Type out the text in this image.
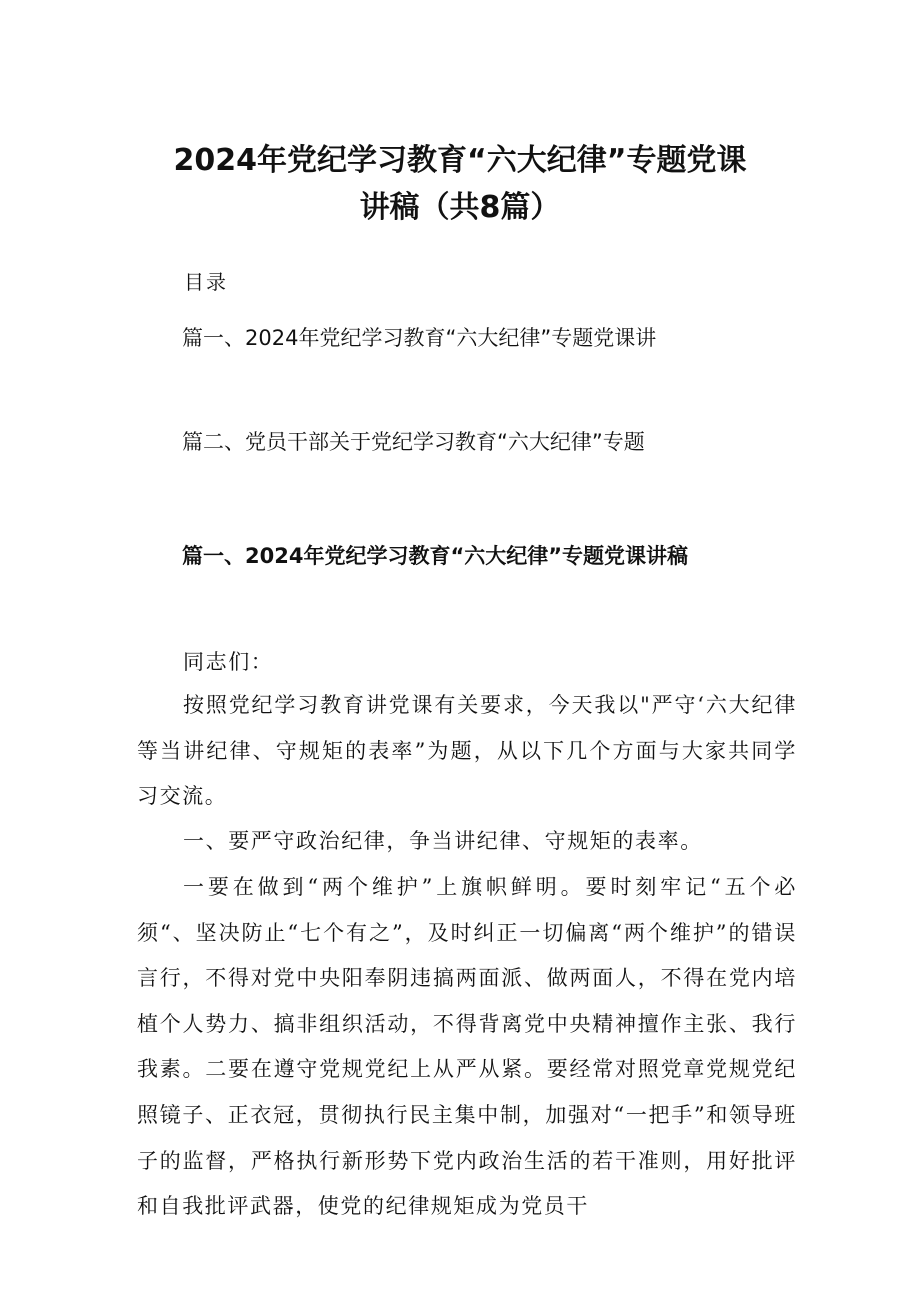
2024年党纪学习教育“六大纪律”专题党课
讲稿（共8篇）
目录
篇一、2024年党纪学习教育“六大纪律”专题党课讲
篇二、党员干部关于党纪学习教育“六大纪律”专题
篇一、2024年党纪学习教育“六大纪律”专题党课讲稿
同志们：

按照党纪学习教育讲党课有关要求，今天我以"严守‘六大纪律等当讲纪律、守规矩的表率”为题，从以下几个方面与大家共同学习交流。

一、要严守政治纪律，争当讲纪律、守规矩的表率。

一要在做到“两个维护”上旗帜鲜明。要时刻牢记“五个必须“、坚决防止“七个有之”，及时纠正一切偏离“两个维护”的错误言行，不得对党中央阳奉阴违搞两面派、做两面人，不得在党内培植个人势力、搞非组织活动，不得背离党中央精神擅作主张、我行我素。二要在遵守党规党纪上从严从紧。要经常对照党章党规党纪照镜子、正衣冠，贯彻执行民主集中制，加强对“一把手”和领导班子的监督，严格执行新形势下党内政治生活的若干准则，用好批评和自我批评武器，使党的纪律规矩成为党员干
